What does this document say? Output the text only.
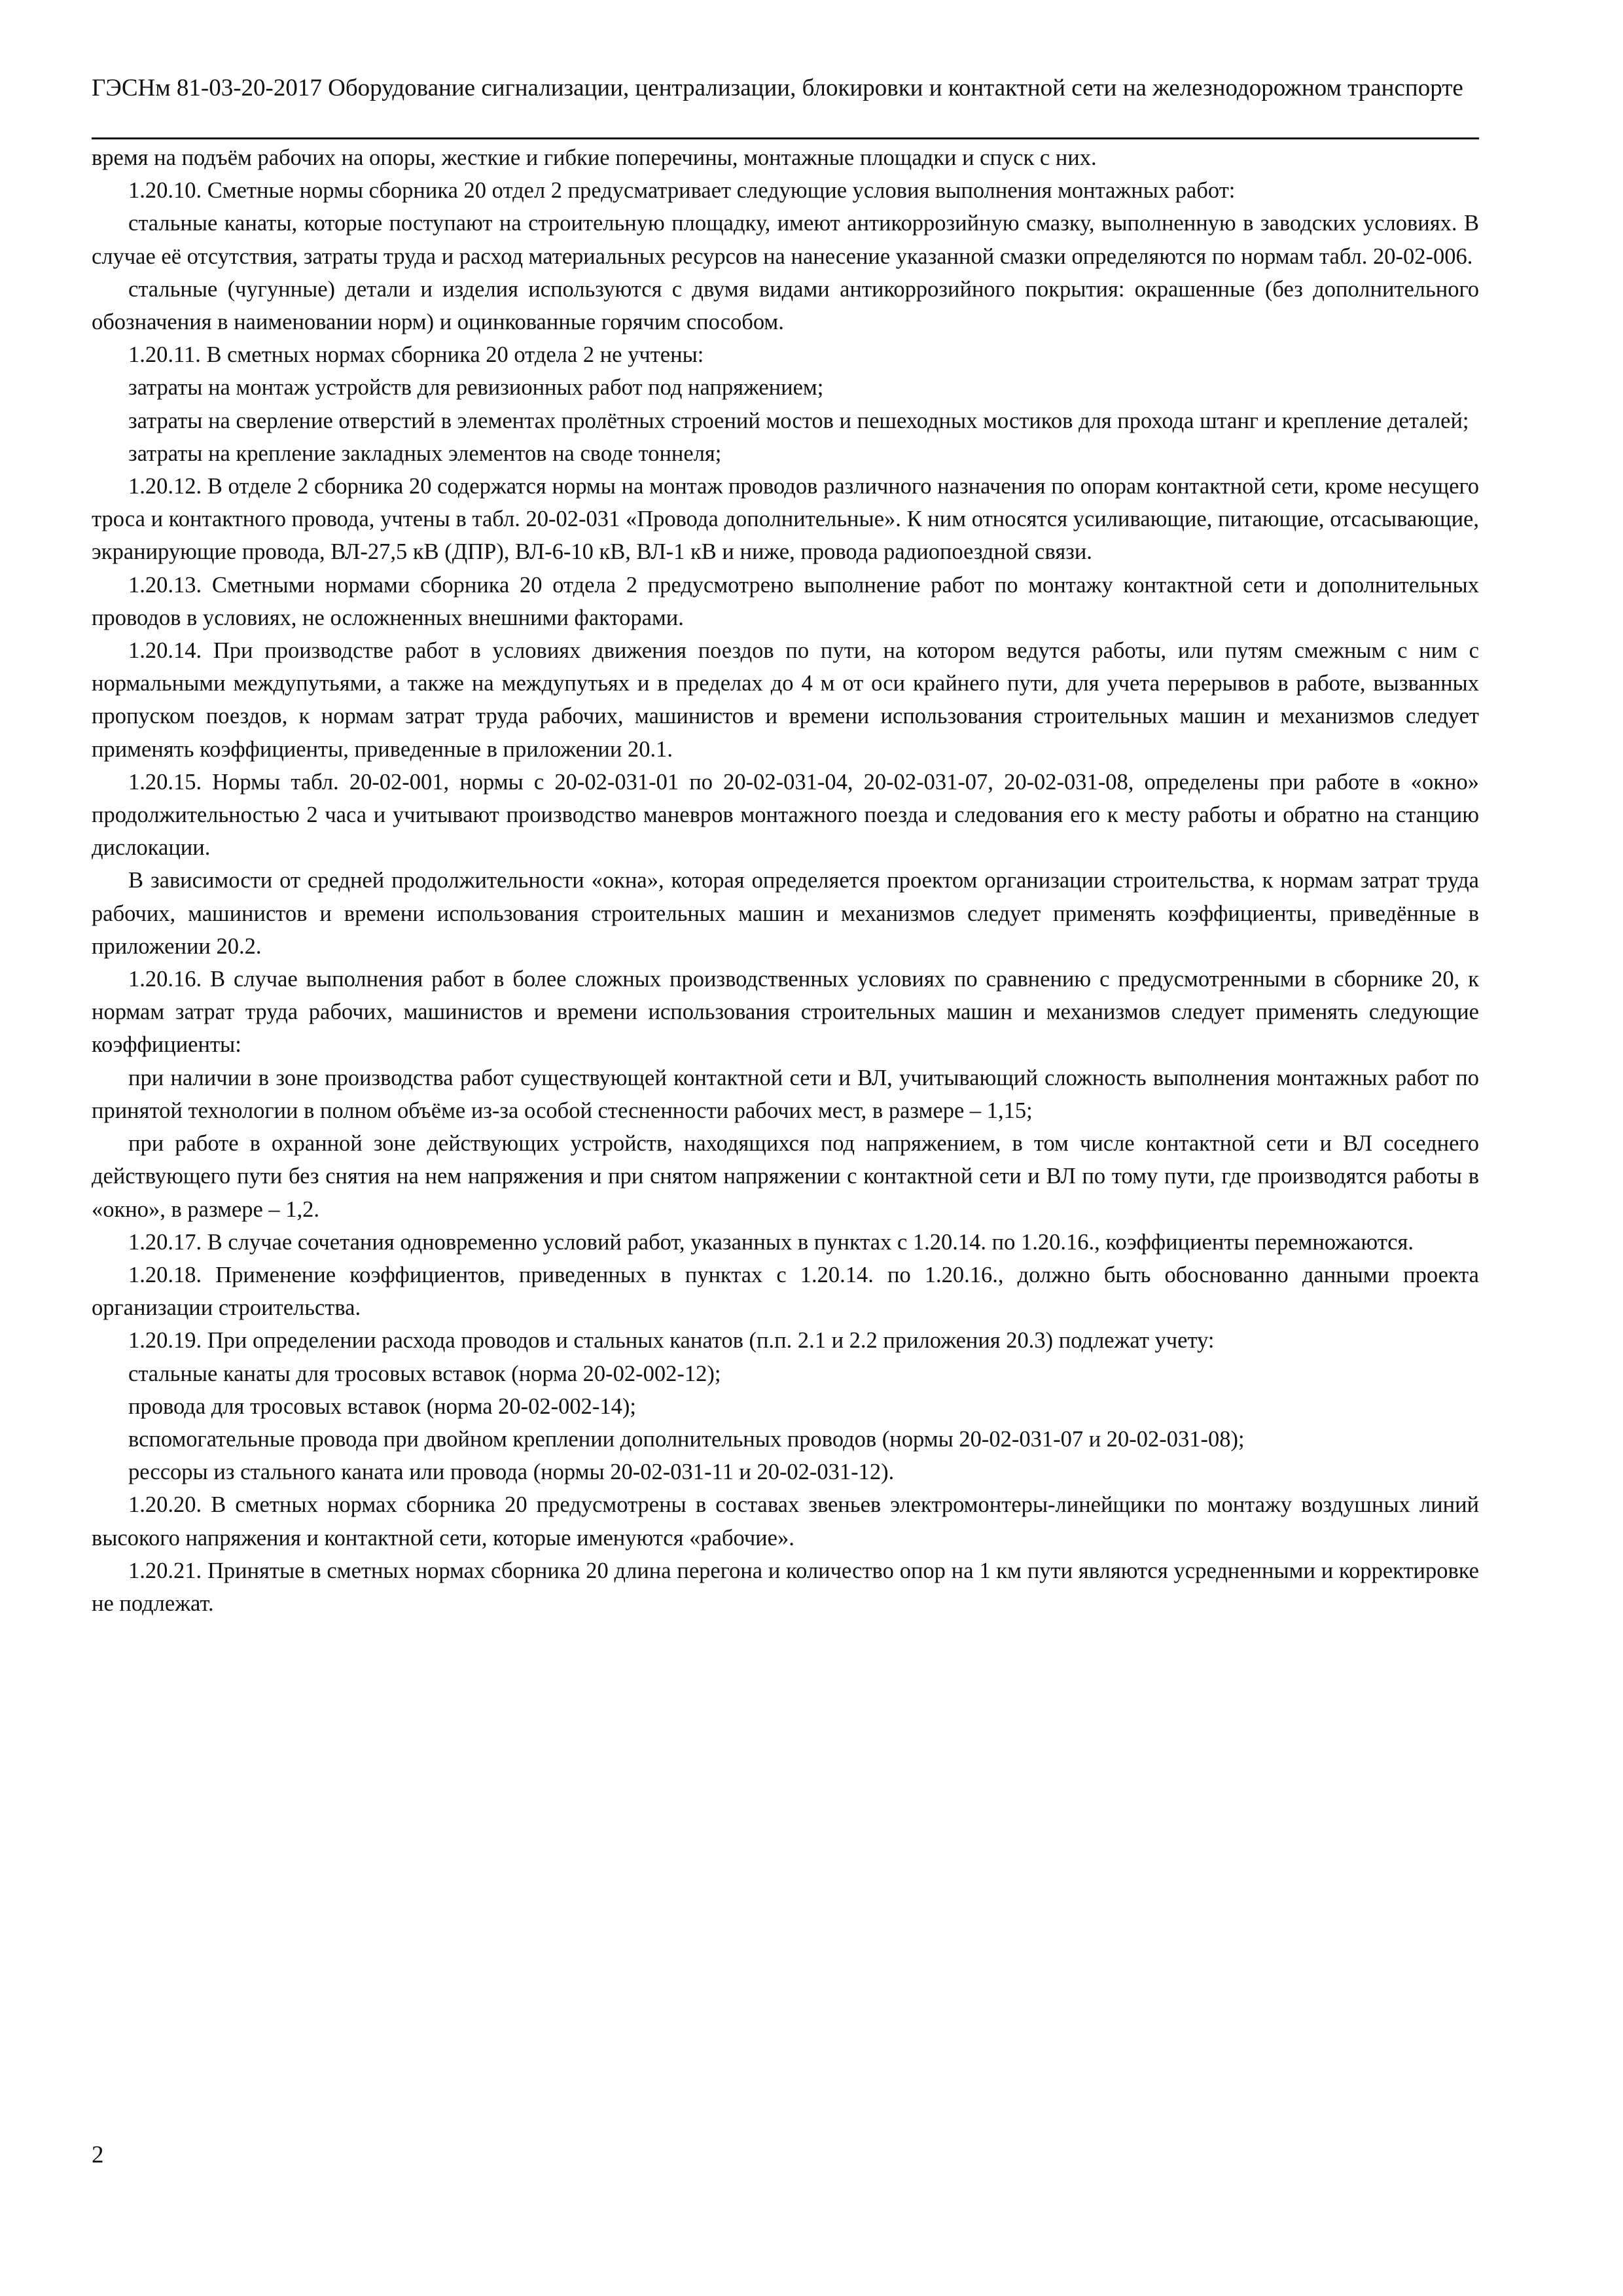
ГЭСНм 81-03-20-2017 Оборудование сигнализации, централизации, блокировки и контактной сети на железнодорожном транспорте

время на подъём рабочих на опоры, жесткие и гибкие поперечины, монтажные площадки и спуск с них.

1.20.10. Сметные нормы сборника 20 отдел 2 предусматривает следующие условия выполнения монтажных работ:

стальные канаты, которые поступают на строительную площадку, имеют антикоррозийную смазку, выполненную в заводских условиях. В случае её отсутствия, затраты труда и расход материальных ресурсов на нанесение указанной смазки определяются по нормам табл. 20-02-006.

стальные (чугунные) детали и изделия используются с двумя видами антикоррозийного покрытия: окрашенные (без дополнительного обозначения в наименовании норм) и оцинкованные горячим способом.

1.20.11. В сметных нормах сборника 20 отдела 2 не учтены:

затраты на монтаж устройств для ревизионных работ под напряжением;

затраты на сверление отверстий в элементах пролётных строений мостов и пешеходных мостиков для прохода штанг и крепление деталей;

затраты на крепление закладных элементов на своде тоннеля;

1.20.12. В отделе 2 сборника 20 содержатся нормы на монтаж проводов различного назначения по опорам контактной сети, кроме несущего троса и контактного провода, учтены в табл. 20-02-031 «Провода дополнительные». К ним относятся усиливающие, питающие, отсасывающие, экранирующие провода, ВЛ-27,5 кВ (ДПР), ВЛ-6-10 кВ, ВЛ-1 кВ и ниже, провода радиопоездной связи.

1.20.13. Сметными нормами сборника 20 отдела 2 предусмотрено выполнение работ по монтажу контактной сети и дополнительных проводов в условиях, не осложненных внешними факторами.

1.20.14. При производстве работ в условиях движения поездов по пути, на котором ведутся работы, или путям смежным с ним с нормальными междупутьями, а также на междупутьях и в пределах до 4 м от оси крайнего пути, для учета перерывов в работе, вызванных пропуском поездов, к нормам затрат труда рабочих, машинистов и времени использования строительных машин и механизмов следует применять коэффициенты, приведенные в приложении 20.1.

1.20.15. Нормы табл. 20-02-001, нормы с 20-02-031-01 по 20-02-031-04, 20-02-031-07, 20-02-031-08, определены при работе в «окно» продолжительностью 2 часа и учитывают производство маневров монтажного поезда и следования его к месту работы и обратно на станцию дислокации.

В зависимости от средней продолжительности «окна», которая определяется проектом организации строительства, к нормам затрат труда рабочих, машинистов и времени использования строительных машин и механизмов следует применять коэффициенты, приведённые в приложении 20.2.

1.20.16. В случае выполнения работ в более сложных производственных условиях по сравнению с предусмотренными в сборнике 20, к нормам затрат труда рабочих, машинистов и времени использования строительных машин и механизмов следует применять следующие коэффициенты:

при наличии в зоне производства работ существующей контактной сети и ВЛ, учитывающий сложность выполнения монтажных работ по принятой технологии в полном объёме из-за особой стесненности рабочих мест, в размере – 1,15;

при работе в охранной зоне действующих устройств, находящихся под напряжением, в том числе контактной сети и ВЛ соседнего действующего пути без снятия на нем напряжения и при снятом напряжении с контактной сети и ВЛ по тому пути, где производятся работы в «окно», в размере – 1,2.

1.20.17. В случае сочетания одновременно условий работ, указанных в пунктах с 1.20.14. по 1.20.16., коэффициенты перемножаются.

1.20.18. Применение коэффициентов, приведенных в пунктах с 1.20.14. по 1.20.16., должно быть обоснованно данными проекта организации строительства.

1.20.19. При определении расхода проводов и стальных канатов (п.п. 2.1 и 2.2 приложения 20.3) подлежат учету:

стальные канаты для тросовых вставок (норма 20-02-002-12);

провода для тросовых вставок (норма 20-02-002-14);

вспомогательные провода при двойном креплении дополнительных проводов (нормы 20-02-031-07 и 20-02-031-08);

рессоры из стального каната или провода (нормы 20-02-031-11 и 20-02-031-12).

1.20.20. В сметных нормах сборника 20 предусмотрены в составах звеньев электромонтеры-линейщики по монтажу воздушных линий высокого напряжения и контактной сети, которые именуются «рабочие».

1.20.21. Принятые в сметных нормах сборника 20 длина перегона и количество опор на 1 км пути являются усредненными и корректировке не подлежат.

2
